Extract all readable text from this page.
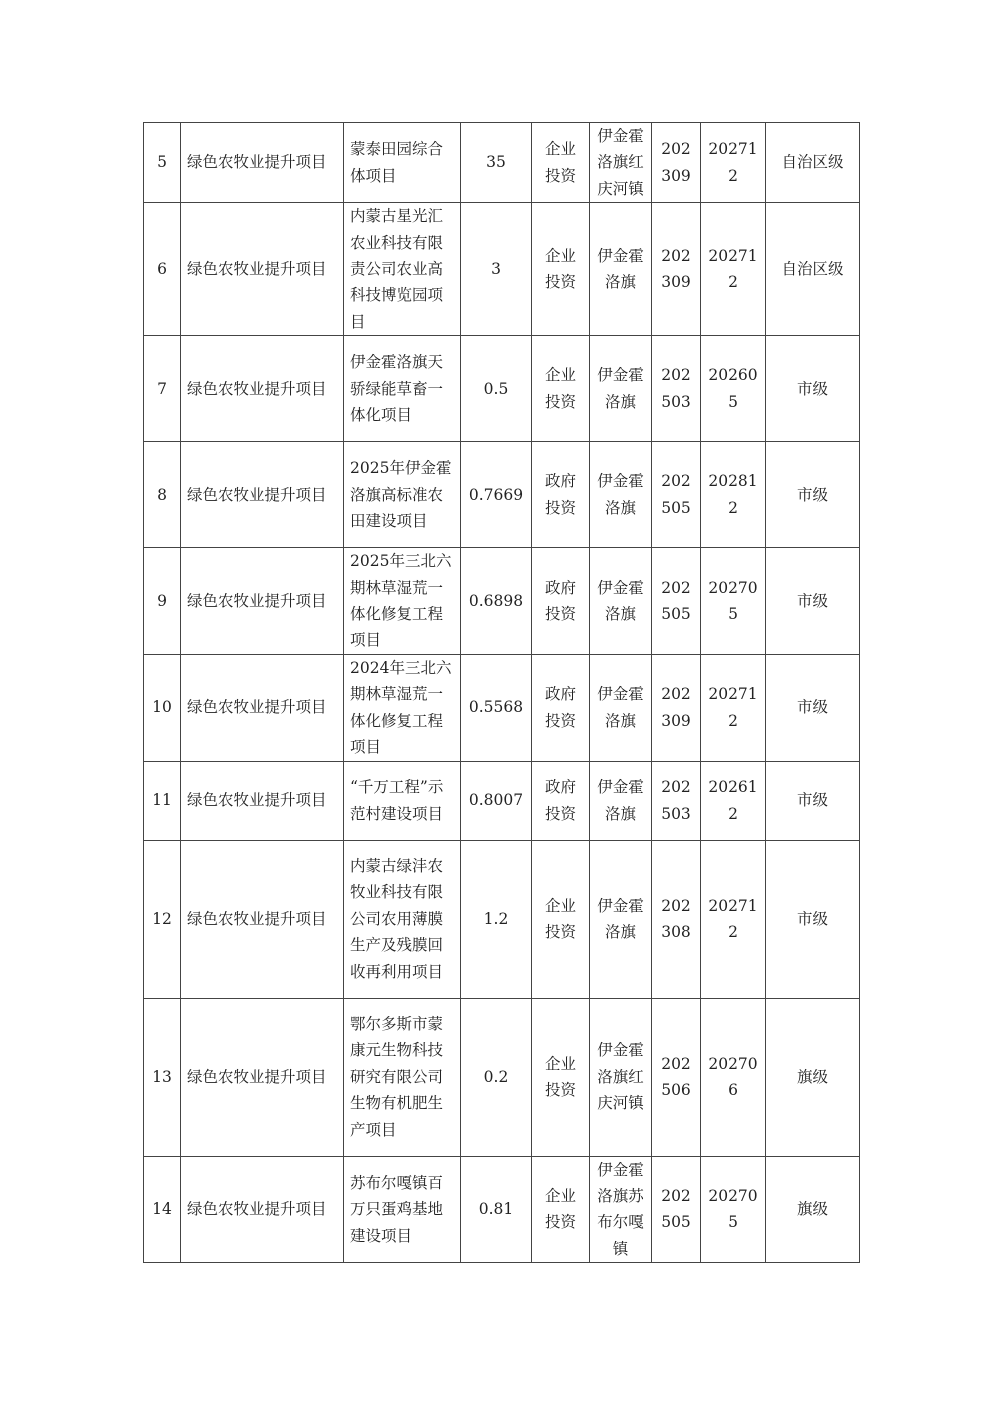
5	绿色农牧业提升项目	蒙泰田园综合体项目	35	企业投资	伊金霍洛旗红庆河镇	202309	202712	自治区级
6	绿色农牧业提升项目	内蒙古星光汇农业科技有限责公司农业高科技博览园项目	3	企业投资	伊金霍洛旗	202309	202712	自治区级
7	绿色农牧业提升项目	伊金霍洛旗天骄绿能草畜一体化项目	0.5	企业投资	伊金霍洛旗	202503	202605	市级
8	绿色农牧业提升项目	2025年伊金霍洛旗高标准农田建设项目	0.7669	政府投资	伊金霍洛旗	202505	202812	市级
9	绿色农牧业提升项目	2025年三北六期林草湿荒一体化修复工程项目	0.6898	政府投资	伊金霍洛旗	202505	202705	市级
10	绿色农牧业提升项目	2024年三北六期林草湿荒一体化修复工程项目	0.5568	政府投资	伊金霍洛旗	202309	202712	市级
11	绿色农牧业提升项目	“千万工程”示范村建设项目	0.8007	政府投资	伊金霍洛旗	202503	202612	市级
12	绿色农牧业提升项目	内蒙古绿沣农牧业科技有限公司农用薄膜生产及残膜回收再利用项目	1.2	企业投资	伊金霍洛旗	202308	202712	市级
13	绿色农牧业提升项目	鄂尔多斯市蒙康元生物科技研究有限公司生物有机肥生产项目	0.2	企业投资	伊金霍洛旗红庆河镇	202506	202706	旗级
14	绿色农牧业提升项目	苏布尔嘎镇百万只蛋鸡基地建设项目	0.81	企业投资	伊金霍洛旗苏布尔嘎镇	202505	202705	旗级
